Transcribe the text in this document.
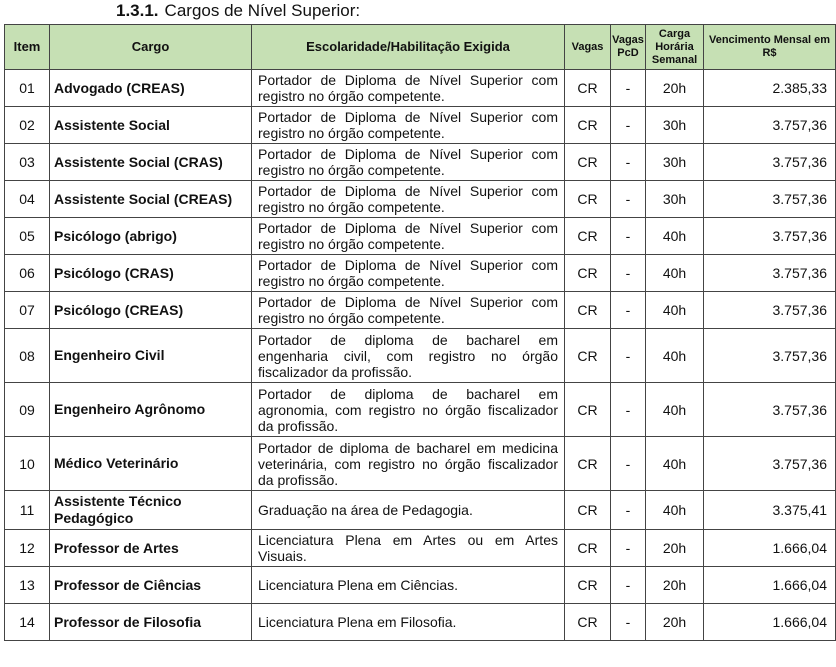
1.3.1. Cargos de Nível Superior:
Item	Cargo	Escolaridade/Habilitação Exigida	Vagas	Vagas PcD	Carga Horária Semanal	Vencimento Mensal em R$
01	Advogado (CREAS)	Portador de Diploma de Nível Superior com registro no órgão competente.	CR	-	20h	2.385,33
02	Assistente Social	Portador de Diploma de Nível Superior com registro no órgão competente.	CR	-	30h	3.757,36
03	Assistente Social (CRAS)	Portador de Diploma de Nível Superior com registro no órgão competente.	CR	-	30h	3.757,36
04	Assistente Social (CREAS)	Portador de Diploma de Nível Superior com registro no órgão competente.	CR	-	30h	3.757,36
05	Psicólogo (abrigo)	Portador de Diploma de Nível Superior com registro no órgão competente.	CR	-	40h	3.757,36
06	Psicólogo (CRAS)	Portador de Diploma de Nível Superior com registro no órgão competente.	CR	-	40h	3.757,36
07	Psicólogo (CREAS)	Portador de Diploma de Nível Superior com registro no órgão competente.	CR	-	40h	3.757,36
08	Engenheiro Civil	Portador de diploma de bacharel em engenharia civil, com registro no órgão fiscalizador da profissão.	CR	-	40h	3.757,36
09	Engenheiro Agrônomo	Portador de diploma de bacharel em agronomia, com registro no órgão fiscalizador da profissão.	CR	-	40h	3.757,36
10	Médico Veterinário	Portador de diploma de bacharel em medicina veterinária, com registro no órgão fiscalizador da profissão.	CR	-	40h	3.757,36
11	Assistente Técnico Pedagógico	Graduação na área de Pedagogia.	CR	-	40h	3.375,41
12	Professor de Artes	Licenciatura Plena em Artes ou em Artes Visuais.	CR	-	20h	1.666,04
13	Professor de Ciências	Licenciatura Plena em Ciências.	CR	-	20h	1.666,04
14	Professor de Filosofia	Licenciatura Plena em Filosofia.	CR	-	20h	1.666,04
